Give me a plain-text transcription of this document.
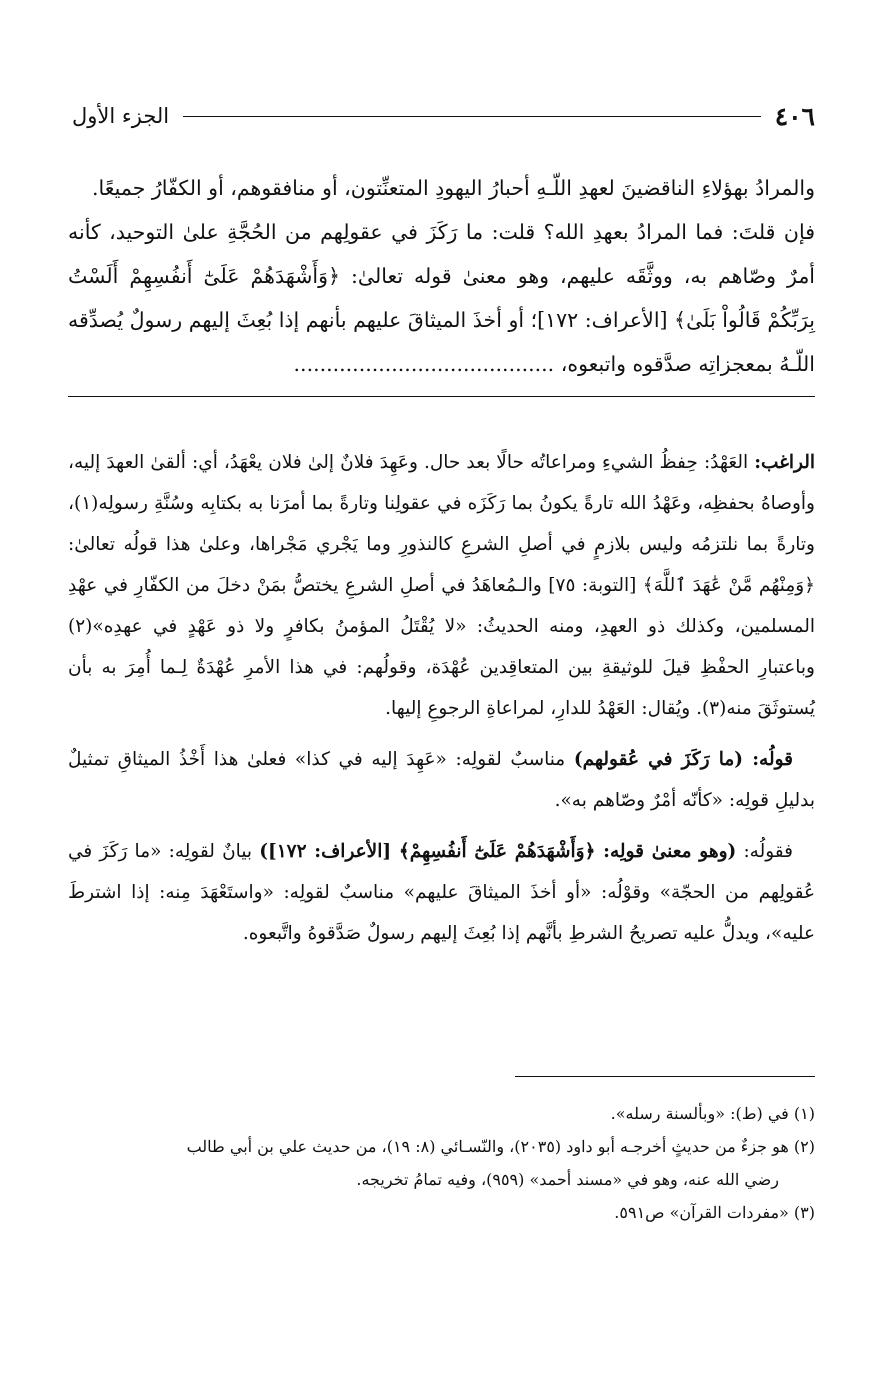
٤٠٦
الجزء الأول

والمرادُ بهؤلاءِ الناقضينَ لعهدِ اللّـهِ أحبارُ اليهودِ المتعنِّتون، أو منافقوهم، أو الكفّارُ جميعًا.

فإن قلتَ: فما المرادُ بعهدِ الله؟ قلت: ما رَكَزَ في عقولِهم من الحُجَّةِ علىٰ التوحيد، كأنه أمرٌ وصّاهم به، ووثَّقَه عليهم، وهو معنىٰ قوله تعالىٰ: ﴿وَأَشْهَدَهُمْ عَلَىٰٓ أَنفُسِهِمْ أَلَسْتُ بِرَبِّكُمْ قَالُواْ بَلَىٰ﴾ [الأعراف: ١٧٢]؛ أو أخذَ الميثاقَ عليهم بأنهم إذا بُعِثَ إليهم رسولٌ يُصدِّقه اللّـهُ بمعجزاتِه صدَّقوه واتبعوه، ........................................

الراغب: العَهْدُ: حِفظُ الشيءِ ومراعاتُه حالًا بعد حال. وعَهِدَ فلانٌ إلىٰ فلان يعْهَدُ، أي: ألقىٰ العهدَ إليه، وأوصاهُ بحفظِه، وعَهْدُ الله تارةً يكونُ بما رَكَزَه في عقولِنا وتارةً بما أمرَنا به بكتابِه وسُنَّةِ رسولِه(١)، وتارةً بما نلتزمُه وليس بلازمٍ في أصلِ الشرعِ كالنذورِ وما يَجْري مَجْراها، وعلىٰ هذا قولُه تعالىٰ: ﴿وَمِنْهُم مَّنْ عَٰهَدَ ٱللَّهَ﴾ [التوبة: ٧٥] والـمُعاهَدُ في أصلِ الشرعِ يختصُّ بمَنْ دخلَ من الكفّارِ في عهْدِ المسلمين، وكذلك ذو العهدِ، ومنه الحديثُ: «لا يُقْتَلُ المؤمنُ بكافرٍ ولا ذو عَهْدٍ في عهدِه»(٢) وباعتبارِ الحفْظِ قيلَ للوثيقةِ بين المتعاقِدين عُهْدَة، وقولُهم: في هذا الأمرِ عُهْدَةٌ لِـما أُمِرَ به بأن يُستوثَقَ منه(٣). ويُقال: العَهْدُ للدارِ، لمراعاةِ الرجوعِ إليها.

قولُه: (ما رَكَزَ في عُقولهم) مناسبٌ لقولِه: «عَهِدَ إليه في كذا» فعلىٰ هذا أَخْذُ الميثاقِ تمثيلٌ بدليلِ قولِه: «كأنّه أمْرٌ وصّاهم به».

فقولُه: (وهو معنىٰ قولِه: ﴿وَأَشْهَدَهُمْ عَلَىٰٓ أَنفُسِهِمْ﴾ [الأعراف: ١٧٢]) بيانٌ لقولِه: «ما رَكَزَ في عُقولِهم من الحجّة» وقوْلُه: «أو أخذَ الميثاقَ عليهم» مناسبٌ لقولِه: «واستَعْهَدَ مِنه: إذا اشترطَ عليه»، ويدلُّ عليه تصريحُ الشرطِ بأنَّهم إذا بُعِثَ إليهم رسولٌ صَدَّقوهُ واتَّبعوه.

(١) في (ط): «وبألسنة رسله».

(٢) هو جزءٌ من حديثٍ أخرجـه أبو داود (٢٠٣٥)، والنّسـائي (٨: ١٩)، من حديث علي بن أبي طالب

رضي الله عنه، وهو في «مسند أحمد» (٩٥٩)، وفيه تمامُ تخريجه.

(٣) «مفردات القرآن» ص٥٩١.
